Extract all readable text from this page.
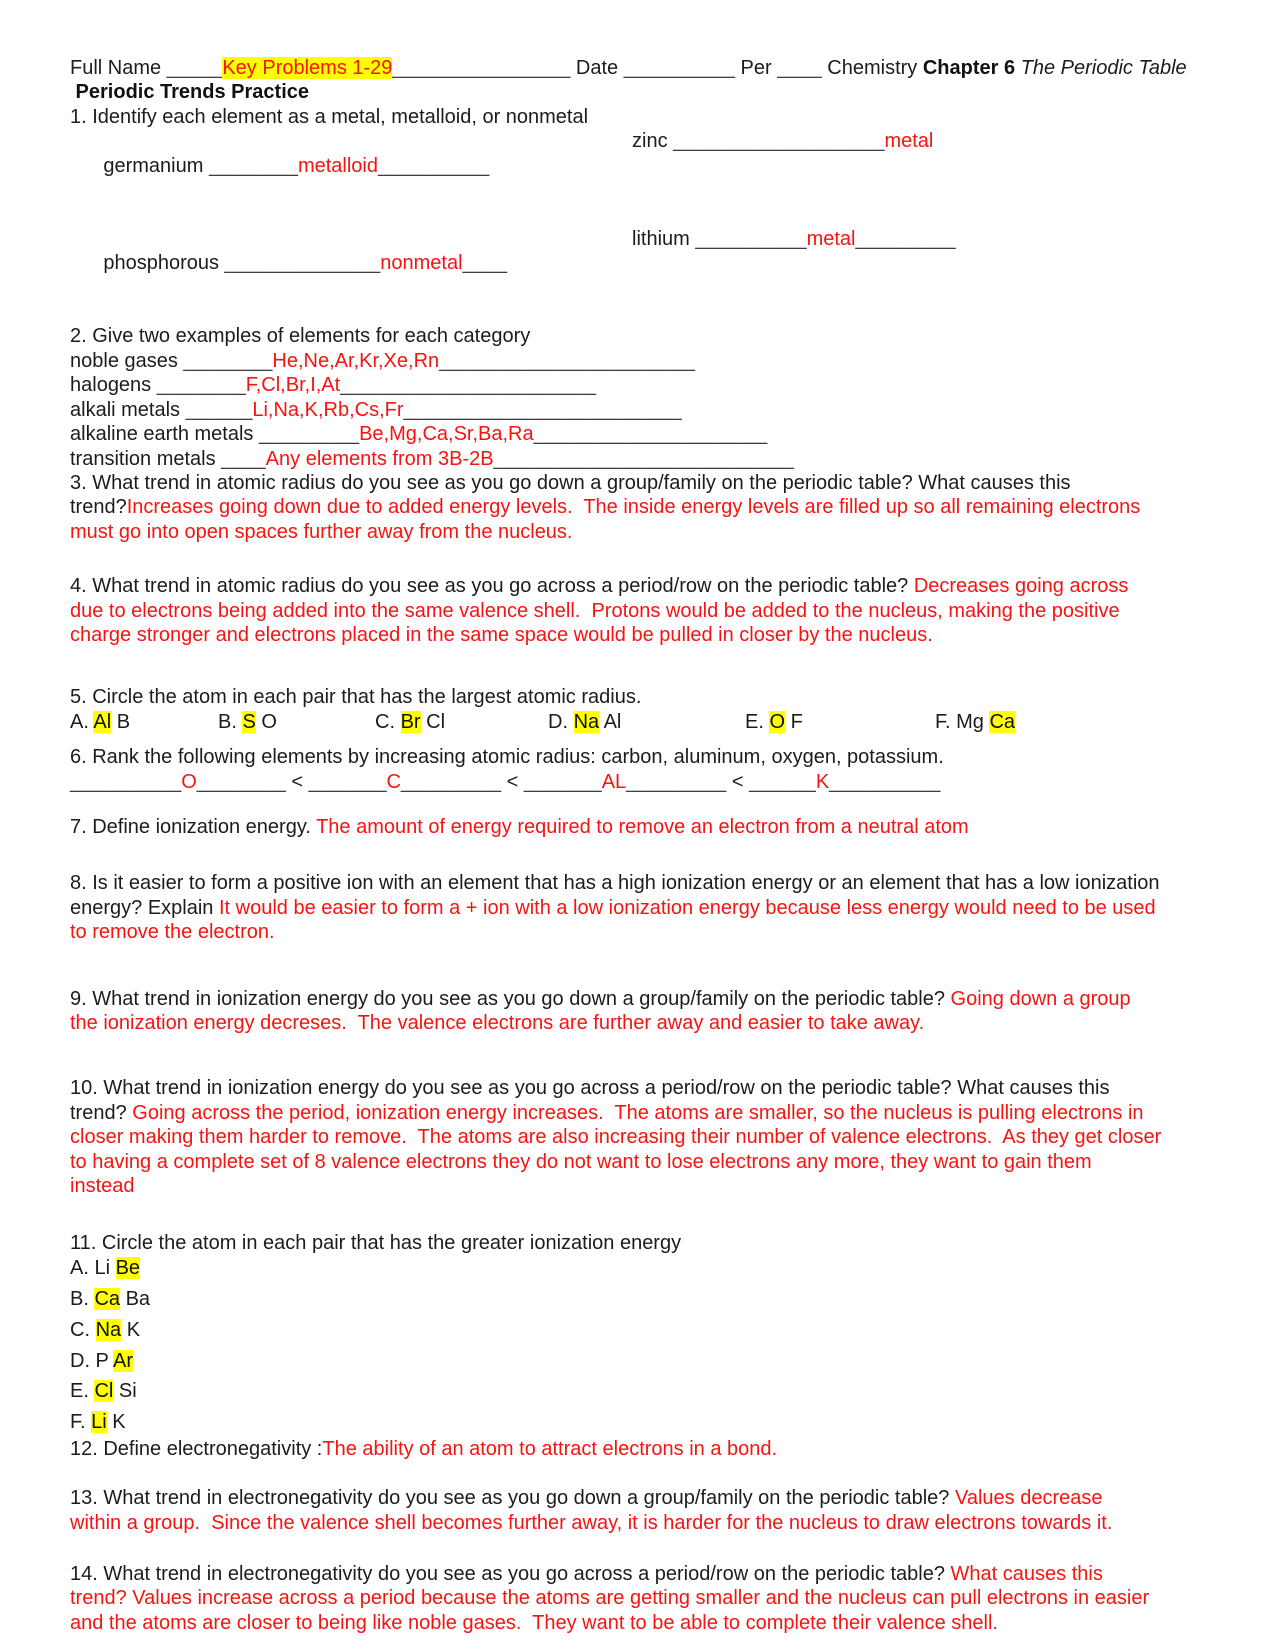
Full Name _____Key Problems 1-29________________ Date __________ Per ____ Chemistry Chapter 6 The Periodic Table
Periodic Trends Practice
1. Identify each element as a metal, metalloid, or nonmetal

germanium ________metalloid__________

zinc ___________________metal

phosphorous ______________nonmetal____

lithium __________metal_________

2. Give two examples of elements for each category
noble gases ________He,Ne,Ar,Kr,Xe,Rn_______________________
halogens ________F,Cl,Br,I,At_______________________
alkali metals ______Li,Na,K,Rb,Cs,Fr_________________________
alkaline earth metals _________Be,Mg,Ca,Sr,Ba,Ra_____________________
transition metals ____Any elements from 3B-2B___________________________
3. What trend in atomic radius do you see as you go down a group/family on the periodic table? What causes this
trend?Increases going down due to added energy levels.  The inside energy levels are filled up so all remaining electrons
must go into open spaces further away from the nucleus.
4. What trend in atomic radius do you see as you go across a period/row on the periodic table? Decreases going across
due to electrons being added into the same valence shell.  Protons would be added to the nucleus, making the positive
charge stronger and electrons placed in the same space would be pulled in closer by the nucleus.
5. Circle the atom in each pair that has the largest atomic radius.
A. Al B	B. S O	C. Br Cl	D. Na Al	E. O F	F. Mg Ca
6. Rank the following elements by increasing atomic radius: carbon, aluminum, oxygen, potassium.
__________O________ < _______C_________ < _______AL_________ < ______K__________
7. Define ionization energy. The amount of energy required to remove an electron from a neutral atom
8. Is it easier to form a positive ion with an element that has a high ionization energy or an element that has a low ionization
energy? Explain It would be easier to form a + ion with a low ionization energy because less energy would need to be used
to remove the electron.
9. What trend in ionization energy do you see as you go down a group/family on the periodic table? Going down a group
the ionization energy decreses.  The valence electrons are further away and easier to take away.
10. What trend in ionization energy do you see as you go across a period/row on the periodic table? What causes this
trend? Going across the period, ionization energy increases.  The atoms are smaller, so the nucleus is pulling electrons in
closer making them harder to remove.  The atoms are also increasing their number of valence electrons.  As they get closer
to having a complete set of 8 valence electrons they do not want to lose electrons any more, they want to gain them
instead
11. Circle the atom in each pair that has the greater ionization energy
A. Li Be
B. Ca Ba
C. Na K
D. P Ar
E. Cl Si
F. Li K
12. Define electronegativity :The ability of an atom to attract electrons in a bond.
13. What trend in electronegativity do you see as you go down a group/family on the periodic table? Values decrease
within a group.  Since the valence shell becomes further away, it is harder for the nucleus to draw electrons towards it.
14. What trend in electronegativity do you see as you go across a period/row on the periodic table? What causes this
trend? Values increase across a period because the atoms are getting smaller and the nucleus can pull electrons in easier
and the atoms are closer to being like noble gases.  They want to be able to complete their valence shell.
